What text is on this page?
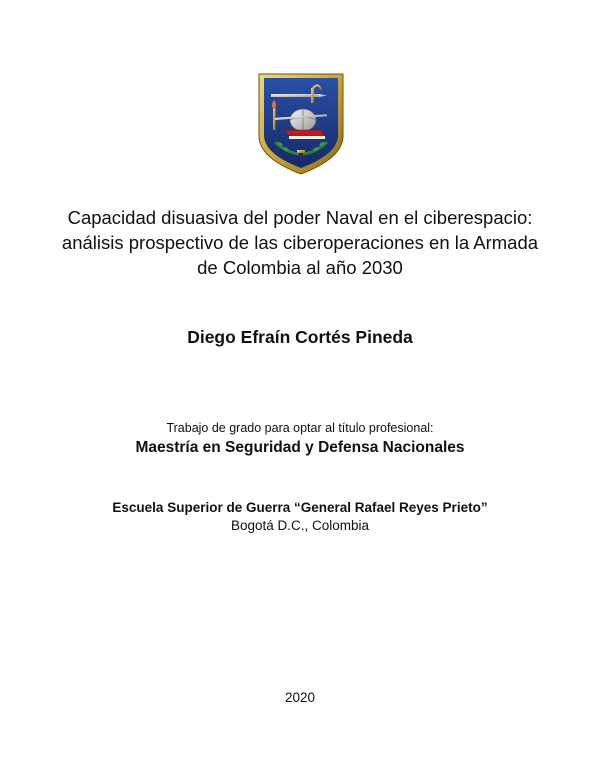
Capacidad disuasiva del poder Naval en el ciberespacio: análisis prospectivo de las ciberoperaciones en la Armada de Colombia al año 2030

Diego Efraín Cortés Pineda

Trabajo de grado para optar al título profesional:

Maestría en Seguridad y Defensa Nacionales

Escuela Superior de Guerra “General Rafael Reyes Prieto”

Bogotá D.C., Colombia

2020
